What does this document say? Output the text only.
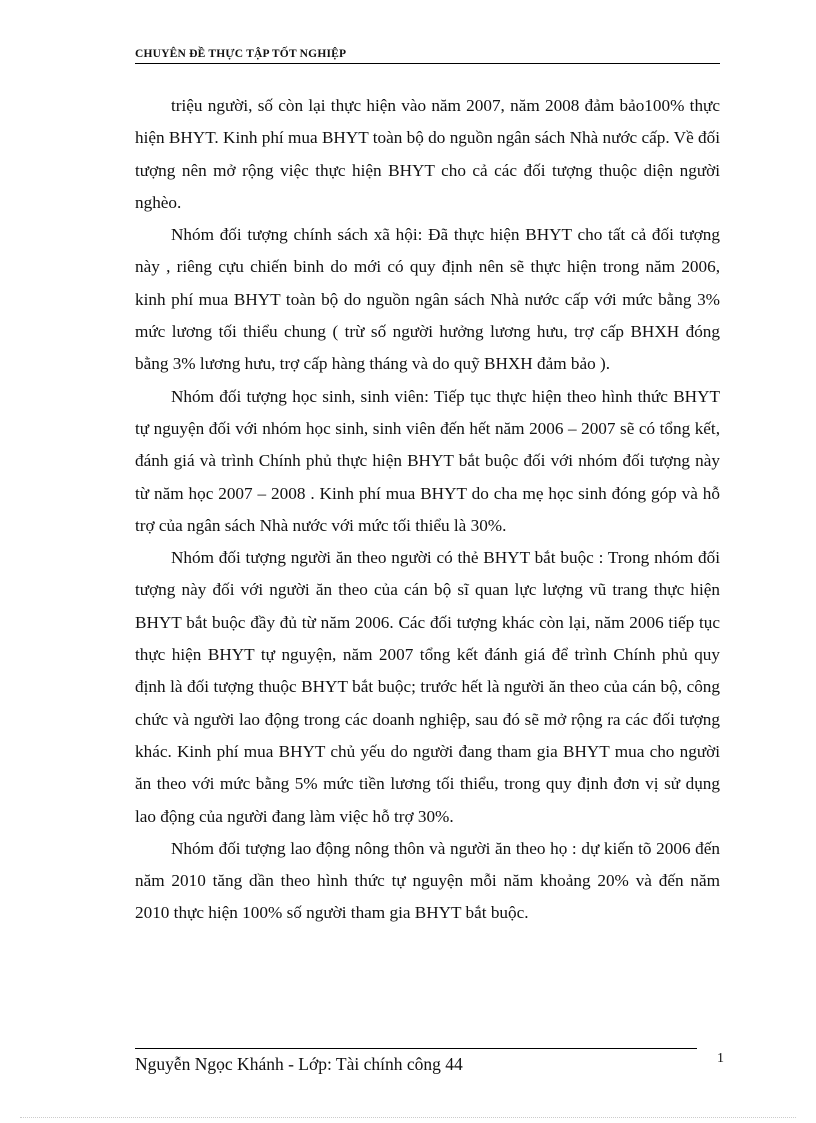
CHUYÊN ĐỀ THỰC TẬP TỐT NGHIỆP

triệu người, số còn lại thực hiện vào năm 2007, năm 2008 đảm bảo100% thực hiện BHYT. Kinh phí mua BHYT toàn bộ do nguồn ngân sách Nhà nước cấp. Về đối tượng nên mở rộng việc thực hiện BHYT cho cả các đối tượng thuộc diện người nghèo.

Nhóm đối tượng chính sách xã hội: Đã thực hiện BHYT cho tất cả đối tượng này , riêng cựu chiến binh do mới có quy định nên sẽ thực hiện trong năm 2006, kinh phí mua BHYT toàn bộ do nguồn ngân sách Nhà nước cấp với mức bằng 3% mức lương tối thiểu chung ( trừ số người hưởng lương hưu, trợ cấp BHXH đóng bằng 3% lương hưu, trợ cấp hàng tháng và do quỹ BHXH đảm bảo ).

Nhóm đối tượng học sinh, sinh viên: Tiếp tục thực hiện theo hình thức BHYT tự nguyện đối với nhóm học sinh, sinh viên đến hết năm 2006 – 2007 sẽ có tổng kết, đánh giá và trình Chính phủ thực hiện BHYT bắt buộc đối với nhóm đối tượng này từ năm học 2007 – 2008 . Kinh phí mua BHYT do cha mẹ học sinh đóng góp và hỗ trợ của ngân sách Nhà nước với mức tối thiểu là 30%.

Nhóm đối tượng người ăn theo người có thẻ BHYT bắt buộc : Trong nhóm đối tượng này đối với người ăn theo của cán bộ sĩ quan lực lượng vũ trang thực hiện BHYT bắt buộc đầy đủ từ năm 2006. Các đối tượng khác còn lại, năm 2006 tiếp tục thực hiện BHYT tự nguyện, năm 2007 tổng kết đánh giá để trình Chính phủ quy định là đối tượng thuộc BHYT bắt buộc; trước hết là người ăn theo của cán bộ, công chức và người lao động trong các doanh nghiệp, sau đó sẽ mở rộng ra các đối tượng khác. Kinh phí mua BHYT chủ yếu do người đang tham gia BHYT mua cho người ăn theo với mức bằng 5% mức tiền lương tối thiểu, trong quy định đơn vị sử dụng lao động của người đang làm việc hỗ trợ 30%.

Nhóm đối tượng lao động nông thôn và người ăn theo họ : dự kiến tõ 2006 đến năm 2010 tăng dần theo hình thức tự nguyện mỗi năm khoảng 20% và đến năm 2010 thực hiện 100% số người tham gia BHYT bắt buộc.

Nguyễn Ngọc Khánh - Lớp: Tài chính công 44	1
